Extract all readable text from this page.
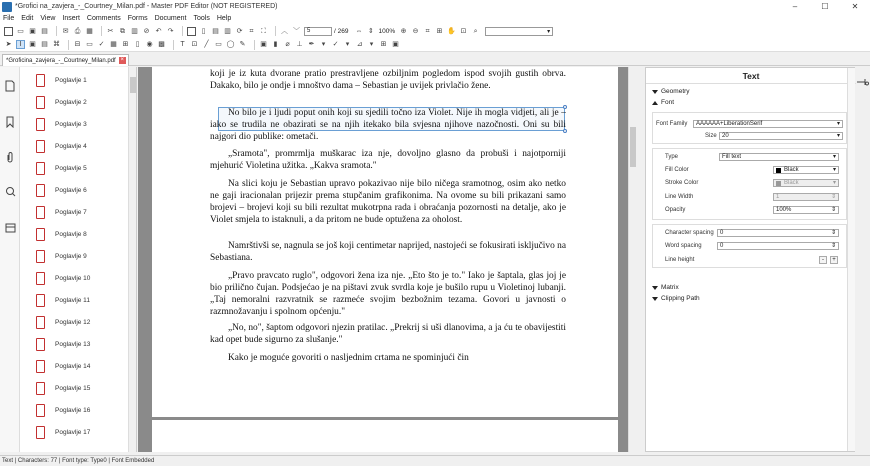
*Grofici na_zavjera_-_Courtney_Milan.pdf - Master PDF Editor (NOT REGISTERED)	–	☐	✕
File Edit View Insert Comments Forms Document Tools Help
▭ ▣ ▤ ✉ ⎙ ▦ ✂ ⧉ ▥ ⊘ ↶ ↷	▯ ▤ ▥ ⟳	⌗	⛶ ︿ ﹀	5	/ 269 ⇔ ⇕ 100% ⊕ ⊖	⌗	⊞ ✋ ⊡	⌕	▾
➤	Ⅰ	▣ ▤ ⌘ ⊟ ▭ ✓ ▦ ⊞	▯	◉ ▩	T ⊡ ╱ ▭ ◯ ✎ ▣ ▮	⌀ ⊥ ✒	▾	✓	▾	⊿	▾	⊞ ▣
*Groficina_zavjera_-_Courtney_Milan.pdf ×
Poglavlje 1
Poglavlje 2
Poglavlje 3
Poglavlje 4
Poglavlje 5
Poglavlje 6
Poglavlje 7
Poglavlje 8
Poglavlje 9
Poglavlje 10
Poglavlje 11
Poglavlje 12
Poglavlje 13
Poglavlje 14
Poglavlje 15
Poglavlje 16
Poglavlje 17
koji je iz kuta dvorane pratio prestravljene ozbiljnim pogledom ispod svojih gustih obrva. Dakako, bilo je ondje i mnoštvo dama – Sebastian je uvijek privlačio žene.
No bilo je i ljudi poput onih koji su sjedili točno iza Violet. Nije ih mogla vidjeti, ali je – iako se trudila ne obazirati se na njih itekako bila svjesna njihove nazočnosti. Oni su bili najgori dio publike: ometači.
„Sramota", promrmlja muškarac iza nje, dovoljno glasno da probuši i najotporniji mjehurić Violetina užitka. „Kakva sramota."
Na slici koju je Sebastian upravo pokazivao nije bilo ničega sramotnog, osim ako netko ne gaji iracionalan prijezir prema stupčanim grafikonima. Na ovome su bili prikazani samo brojevi – brojevi koji su bili rezultat mukotrpna rada i obraćanja pozornosti na detalje, ako je Violet smjela to istaknuli, a da pritom ne bude optužena za oholost.
Namrštivši se, nagnula se još koji centimetar naprijed, nastojeći se fokusirati isključivo na Sebastiana.
„Pravo pravcato ruglo", odgovori žena iza nje. „Eto što je to." Iako je šaptala, glas joj je bio prilično čujan. Podsjećao je na pištavi zvuk svrdla koje je bušilo rupu u Violetinoj lubanji. „Taj nemoralni razvratnik se razmeće svojim bezbožnim tezama. Govori u javnosti o razmnožavanju i spolnom općenju."
„No, no", šaptom odgovori njezin pratilac. „Prekrij si uši dlanovima, a ja ću te obavijestiti kad opet bude sigurno za slušanje."
Kako je moguće govoriti o nasljednim crtama ne spominjući čin
Text
Geometry
Font
Font Family	AAAAAA+LiberationSerif ▾
Size 20 ▾
Type	Fill text ▾
Fill Color	Black
▾
Stroke Color	Black
▾
Line Width	1 ⇕
Opacity	100% ⇕
Character spacing	0 ⇕
Word spacing	0 ⇕
Line height	-	+
Matrix
Clipping Path
Text | Characters: 77 | Font type: Type0 | Font Embedded
